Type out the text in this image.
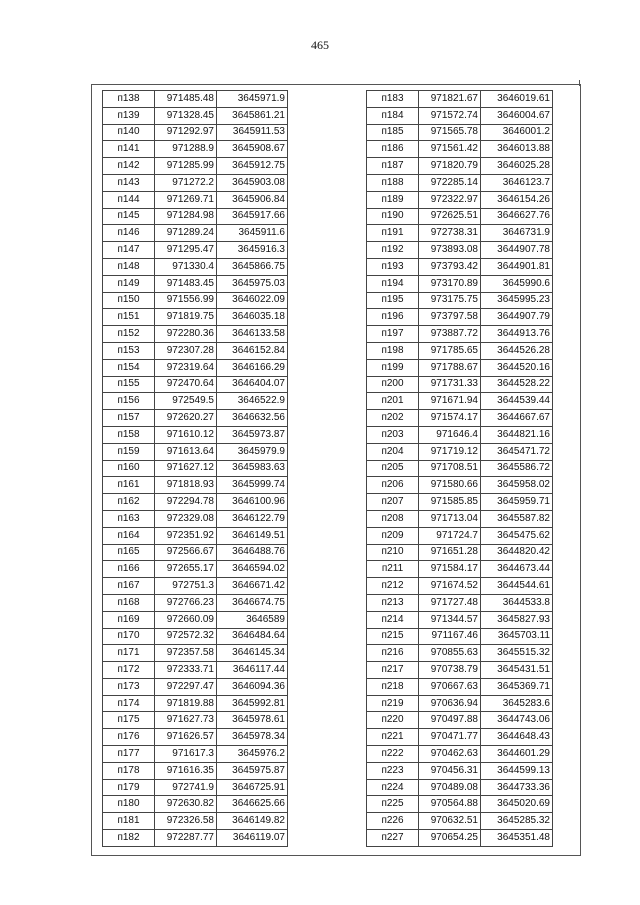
465
п138	971485.48	3645971.9
п139	971328.45	3645861.21
п140	971292.97	3645911.53
п141	971288.9	3645908.67
п142	971285.99	3645912.75
п143	971272.2	3645903.08
п144	971269.71	3645906.84
п145	971284.98	3645917.66
п146	971289.24	3645911.6
п147	971295.47	3645916.3
п148	971330.4	3645866.75
п149	971483.45	3645975.03
п150	971556.99	3646022.09
п151	971819.75	3646035.18
п152	972280.36	3646133.58
п153	972307.28	3646152.84
п154	972319.64	3646166.29
п155	972470.64	3646404.07
п156	972549.5	3646522.9
п157	972620.27	3646632.56
п158	971610.12	3645973.87
п159	971613.64	3645979.9
п160	971627.12	3645983.63
п161	971818.93	3645999.74
п162	972294.78	3646100.96
п163	972329.08	3646122.79
п164	972351.92	3646149.51
п165	972566.67	3646488.76
п166	972655.17	3646594.02
п167	972751.3	3646671.42
п168	972766.23	3646674.75
п169	972660.09	3646589
п170	972572.32	3646484.64
п171	972357.58	3646145.34
п172	972333.71	3646117.44
п173	972297.47	3646094.36
п174	971819.88	3645992.81
п175	971627.73	3645978.61
п176	971626.57	3645978.34
п177	971617.3	3645976.2
п178	971616.35	3645975.87
п179	972741.9	3646725.91
п180	972630.82	3646625.66
п181	972326.58	3646149.82
п182	972287.77	3646119.07
п183	971821.67	3646019.61
п184	971572.74	3646004.67
п185	971565.78	3646001.2
п186	971561.42	3646013.88
п187	971820.79	3646025.28
п188	972285.14	3646123.7
п189	972322.97	3646154.26
п190	972625.51	3646627.76
п191	972738.31	3646731.9
п192	973893.08	3644907.78
п193	973793.42	3644901.81
п194	973170.89	3645990.6
п195	973175.75	3645995.23
п196	973797.58	3644907.79
п197	973887.72	3644913.76
п198	971785.65	3644526.28
п199	971788.67	3644520.16
п200	971731.33	3644528.22
п201	971671.94	3644539.44
п202	971574.17	3644667.67
п203	971646.4	3644821.16
п204	971719.12	3645471.72
п205	971708.51	3645586.72
п206	971580.66	3645958.02
п207	971585.85	3645959.71
п208	971713.04	3645587.82
п209	971724.7	3645475.62
п210	971651.28	3644820.42
п211	971584.17	3644673.44
п212	971674.52	3644544.61
п213	971727.48	3644533.8
п214	971344.57	3645827.93
п215	971167.46	3645703.11
п216	970855.63	3645515.32
п217	970738.79	3645431.51
п218	970667.63	3645369.71
п219	970636.94	3645283.6
п220	970497.88	3644743.06
п221	970471.77	3644648.43
п222	970462.63	3644601.29
п223	970456.31	3644599.13
п224	970489.08	3644733.36
п225	970564.88	3645020.69
п226	970632.51	3645285.32
п227	970654.25	3645351.48
